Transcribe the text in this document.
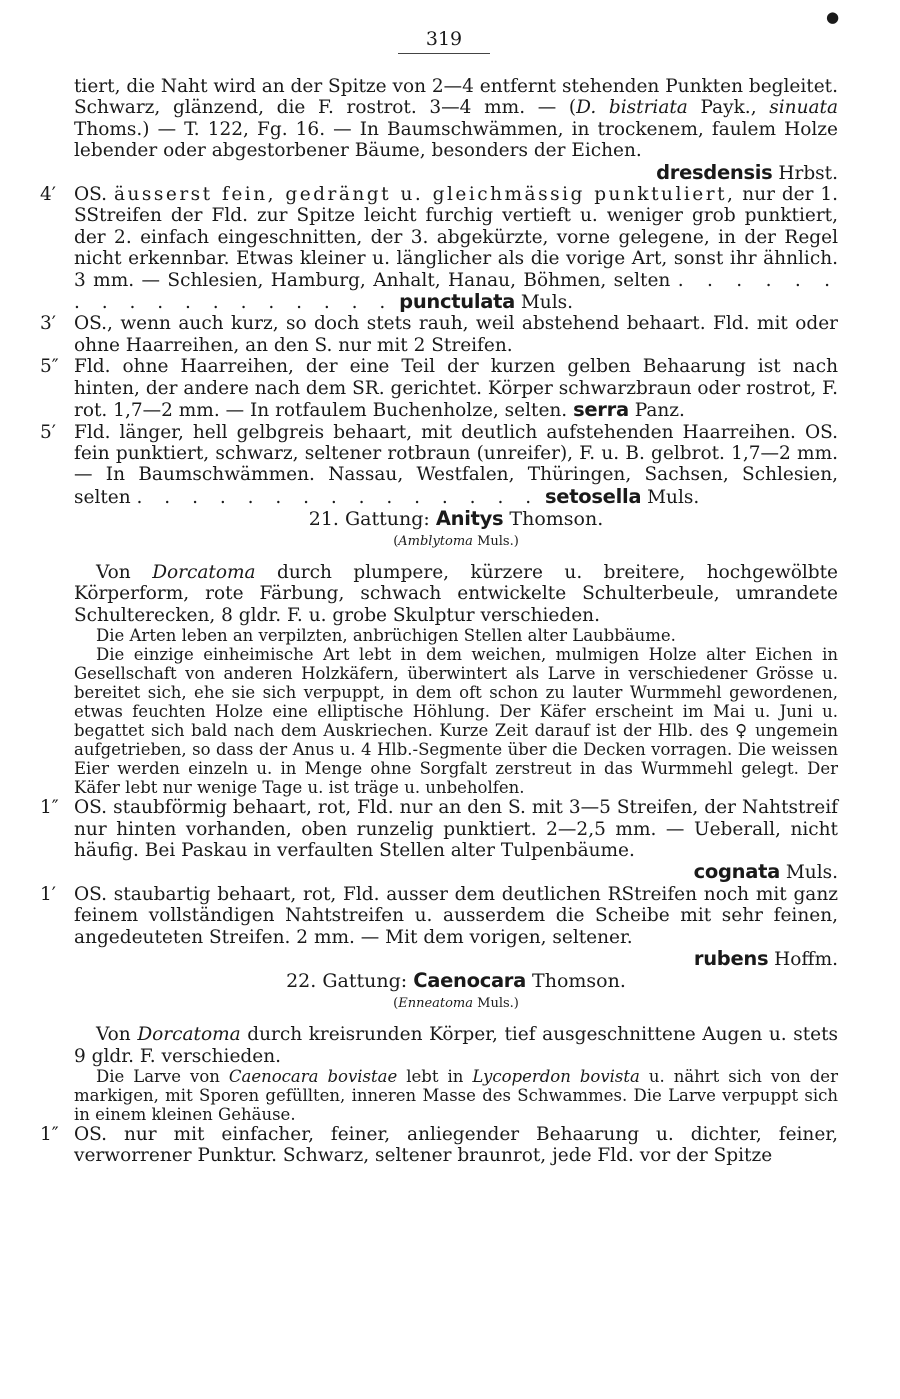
●
319

tiert, die Naht wird an der Spitze von 2—4 entfernt stehenden Punkten begleitet. Schwarz, glänzend, die F. rostrot. 3—4 mm. — (D. bistriata Payk., sinuata Thoms.) — T. 122, Fg. 16. — In Baumschwämmen, in trockenem, faulem Holze lebender oder abgestorbener Bäume, besonders der Eichen.

dresdensis Hrbst.

4′ OS. äusserst fein, gedrängt u. gleichmässig punktuliert, nur der 1. SStreifen der Fld. zur Spitze leicht furchig vertieft u. weniger grob punktiert, der 2. einfach eingeschnitten, der 3. abgekürzte, vorne gelegene, in der Regel nicht erkennbar. Etwas kleiner u. länglicher als die vorige Art, sonst ihr ähnlich. 3 mm. — Schlesien, Hamburg, Anhalt, Hanau, Böhmen, selten . . . . . . . . . . . . . . . . . . punctulata Muls.

3′ OS., wenn auch kurz, so doch stets rauh, weil abstehend behaart. Fld. mit oder ohne Haarreihen, an den S. nur mit 2 Streifen.

5″ Fld. ohne Haarreihen, der eine Teil der kurzen gelben Behaarung ist nach hinten, der andere nach dem SR. gerichtet. Körper schwarzbraun oder rostrot, F. rot. 1,7—2 mm. — In rotfaulem Buchenholze, selten. serra Panz.

5′ Fld. länger, hell gelbgreis behaart, mit deutlich aufstehenden Haarreihen. OS. fein punktiert, schwarz, seltener rotbraun (unreifer), F. u. B. gelbrot. 1,7—2 mm. — In Baumschwämmen. Nassau, Westfalen, Thüringen, Sachsen, Schlesien, selten . . . . . . . . . . . . . . . setosella Muls.

21. Gattung: Anitys Thomson.

(Amblytoma Muls.)

Von Dorcatoma durch plumpere, kürzere u. breitere, hochgewölbte Körperform, rote Färbung, schwach entwickelte Schulterbeule, umrandete Schulterecken, 8 gldr. F. u. grobe Skulptur verschieden.

Die Arten leben an verpilzten, anbrüchigen Stellen alter Laubbäume.

Die einzige einheimische Art lebt in dem weichen, mulmigen Holze alter Eichen in Gesellschaft von anderen Holzkäfern, überwintert als Larve in verschiedener Grösse u. bereitet sich, ehe sie sich verpuppt, in dem oft schon zu lauter Wurmmehl gewordenen, etwas feuchten Holze eine elliptische Höhlung. Der Käfer erscheint im Mai u. Juni u. begattet sich bald nach dem Auskriechen. Kurze Zeit darauf ist der Hlb. des ♀ ungemein aufgetrieben, so dass der Anus u. 4 Hlb.-Segmente über die Decken vorragen. Die weissen Eier werden einzeln u. in Menge ohne Sorgfalt zerstreut in das Wurmmehl gelegt. Der Käfer lebt nur wenige Tage u. ist träge u. unbeholfen.

1″ OS. staubförmig behaart, rot, Fld. nur an den S. mit 3—5 Streifen, der Nahtstreif nur hinten vorhanden, oben runzelig punktiert. 2—2,5 mm. — Ueberall, nicht häufig. Bei Paskau in verfaulten Stellen alter Tulpenbäume.

cognata Muls.

1′ OS. staubartig behaart, rot, Fld. ausser dem deutlichen RStreifen noch mit ganz feinem vollständigen Nahtstreifen u. ausserdem die Scheibe mit sehr feinen, angedeuteten Streifen. 2 mm. — Mit dem vorigen, seltener.

rubens Hoffm.

22. Gattung: Caenocara Thomson.

(Enneatoma Muls.)

Von Dorcatoma durch kreisrunden Körper, tief ausgeschnittene Augen u. stets 9 gldr. F. verschieden.

Die Larve von Caenocara bovistae lebt in Lycoperdon bovista u. nährt sich von der markigen, mit Sporen gefüllten, inneren Masse des Schwammes. Die Larve verpuppt sich in einem kleinen Gehäuse.

1″ OS. nur mit einfacher, feiner, anliegender Behaarung u. dichter, feiner, verworrener Punktur. Schwarz, seltener braunrot, jede Fld. vor der Spitze
